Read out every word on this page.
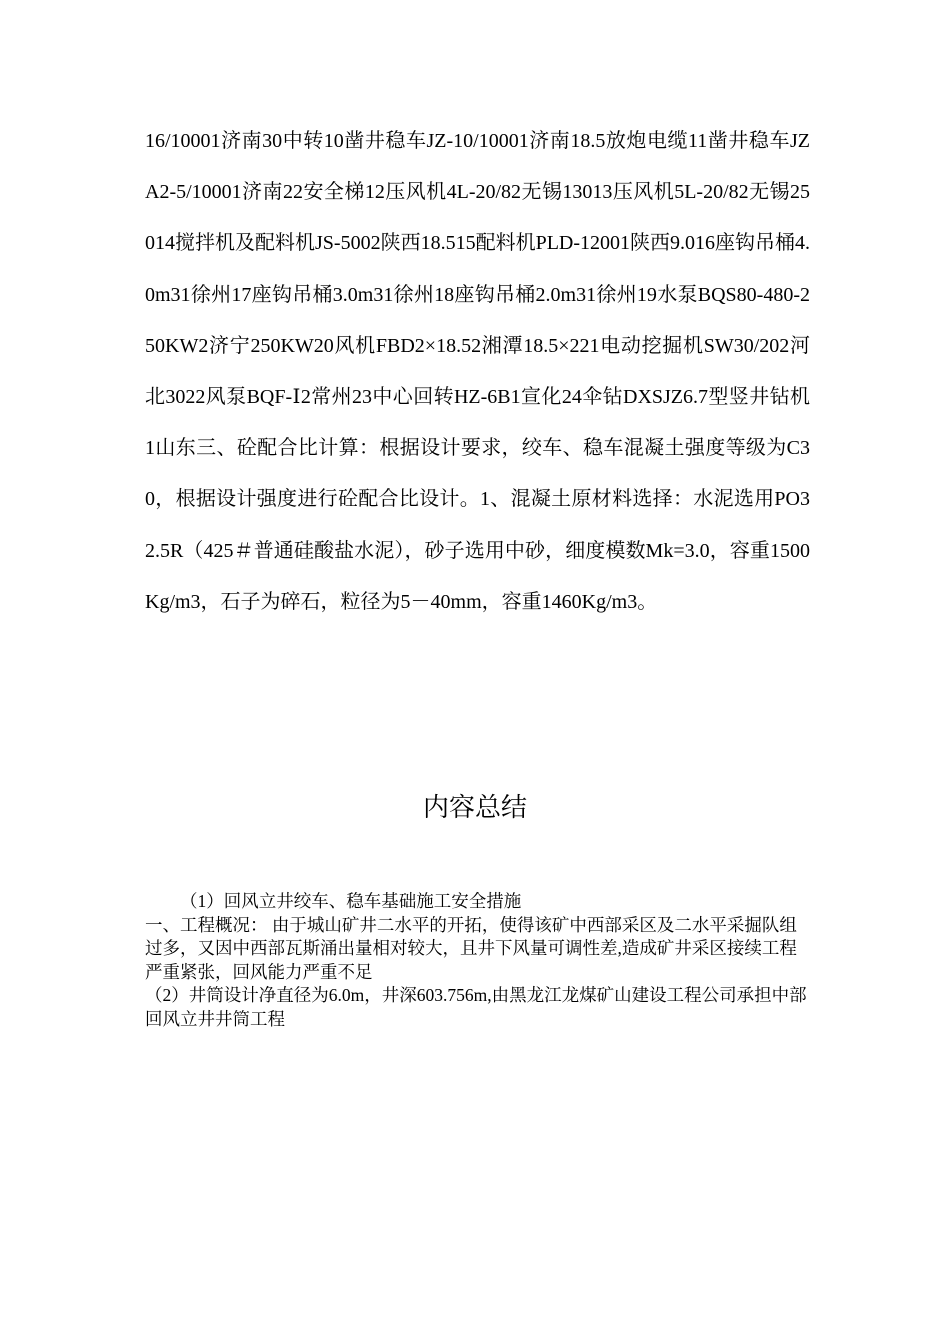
16/10001济南30中转10凿井稳车JZ-10/10001济南18.5放炮电缆11凿井稳车JZA2-5/10001济南22安全梯12压风机4L-20/82无锡13013压风机5L-20/82无锡25014搅拌机及配料机JS-5002陕西18.515配料机PLD-12001陕西9.016座钩吊桶4.0m31徐州17座钩吊桶3.0m31徐州18座钩吊桶2.0m31徐州19水泵BQS80-480-250KW2济宁250KW20风机FBD2×18.52湘潭18.5×221电动挖掘机SW30/202河北3022风泵BQF-Ⅰ2常州23中心回转HZ-6B1宣化24伞钻DXSJZ6.7型竖井钻机1山东三、砼配合比计算：根据设计要求，绞车、稳车混凝土强度等级为C30，根据设计强度进行砼配合比设计。1、混凝土原材料选择：水泥选用PO32.5R（425＃普通硅酸盐水泥），砂子选用中砂，细度模数Mk=3.0，容重1500Kg/m3，石子为碎石，粒径为5－40mm，容重1460Kg/m3。
内容总结

（1）回风立井绞车、稳车基础施工安全措施

一、工程概况： 由于城山矿井二水平的开拓，使得该矿中西部采区及二水平采掘队组过多，又因中西部瓦斯涌出量相对较大，且井下风量可调性差,造成矿井采区接续工程严重紧张，回风能力严重不足

（2）井筒设计净直径为6.0m，井深603.756m,由黑龙江龙煤矿山建设工程公司承担中部回风立井井筒工程
